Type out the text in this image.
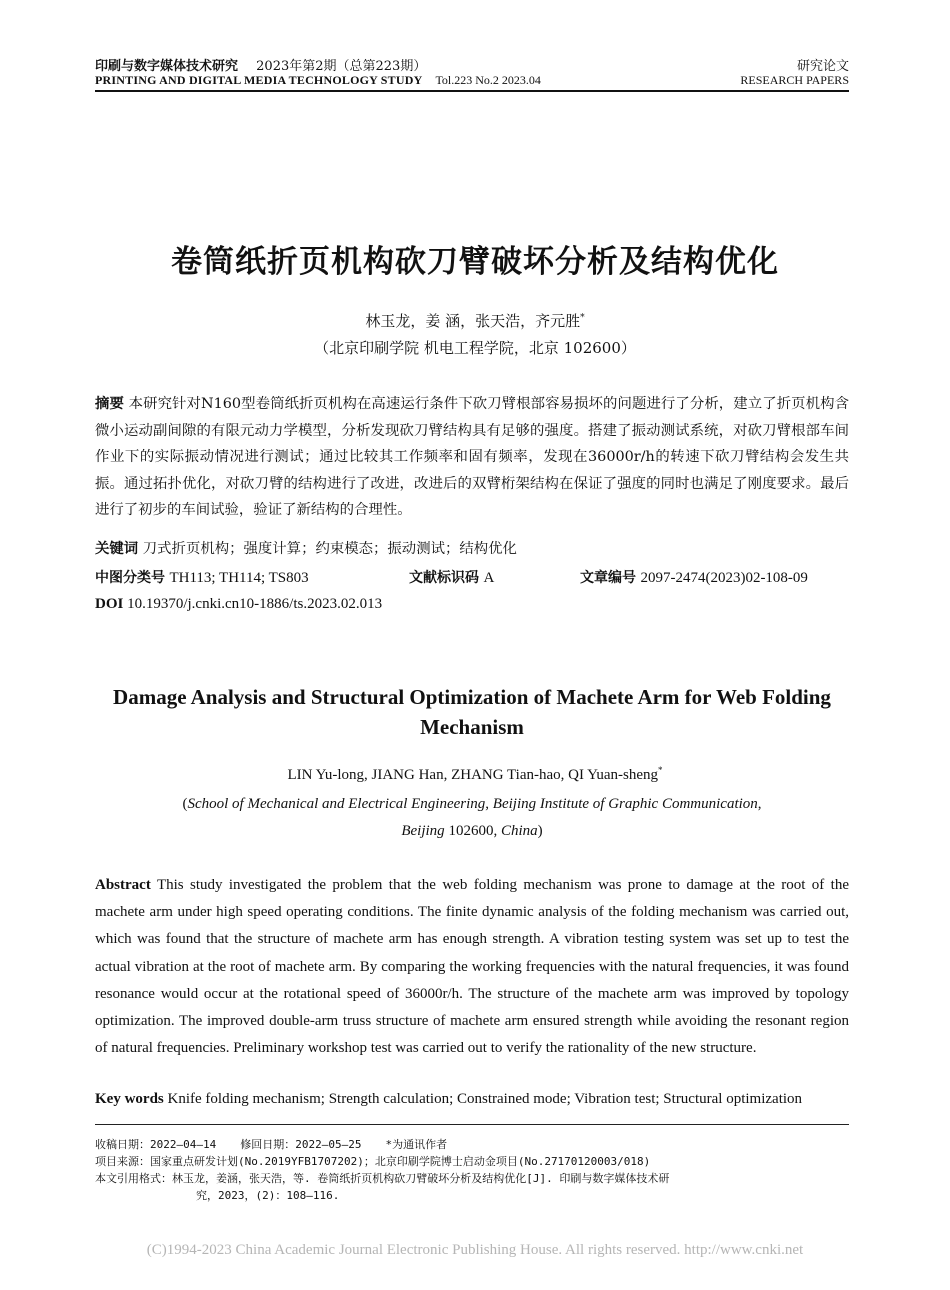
印刷与数字媒体技术研究 2023年第2期（总第223期）	研究论文
PRINTING AND DIGITAL MEDIA TECHNOLOGY STUDY Tol.223 No.2 2023.04	RESEARCH PAPERS
卷筒纸折页机构砍刀臂破坏分析及结构优化
林玉龙，姜 涵，张天浩，齐元胜*
（北京印刷学院 机电工程学院，北京 102600）
摘要 本研究针对N160型卷筒纸折页机构在高速运行条件下砍刀臂根部容易损坏的问题进行了分析，建立了折页机构含微小运动副间隙的有限元动力学模型，分析发现砍刀臂结构具有足够的强度。搭建了振动测试系统，对砍刀臂根部车间作业下的实际振动情况进行测试；通过比较其工作频率和固有频率，发现在36000r/h的转速下砍刀臂结构会发生共振。通过拓扑优化，对砍刀臂的结构进行了改进，改进后的双臂桁架结构在保证了强度的同时也满足了刚度要求。最后进行了初步的车间试验，验证了新结构的合理性。
关键词 刀式折页机构；强度计算；约束模态；振动测试；结构优化
中图分类号 TH113; TH114; TS803	文献标识码 A	文章编号 2097-2474(2023)02-108-09
DOI 10.19370/j.cnki.cn10-1886/ts.2023.02.013
Damage Analysis and Structural Optimization of Machete Arm for Web Folding Mechanism
LIN Yu-long, JIANG Han, ZHANG Tian-hao, QI Yuan-sheng*
(School of Mechanical and Electrical Engineering, Beijing Institute of Graphic Communication,
Beijing 102600, China)
Abstract This study investigated the problem that the web folding mechanism was prone to damage at the root of the machete arm under high speed operating conditions. The finite dynamic analysis of the folding mechanism was carried out, which was found that the structure of machete arm has enough strength. A vibration testing system was set up to test the actual vibration at the root of machete arm. By comparing the working frequencies with the natural frequencies, it was found resonance would occur at the rotational speed of 36000r/h. The structure of the machete arm was improved by topology optimization. The improved double-arm truss structure of machete arm ensured strength while avoiding the resonant region of natural frequencies. Preliminary workshop test was carried out to verify the rationality of the new structure.
Key words Knife folding mechanism; Strength calculation; Constrained mode; Vibration test; Structural optimization
收稿日期：2022—04—14 修回日期：2022—05—25 *为通讯作者
项目来源：国家重点研发计划(No.2019YFB1707202)；北京印刷学院博士启动金项目(No.27170120003/018)
本文引用格式：林玉龙，姜涵，张天浩，等. 卷筒纸折页机构砍刀臂破坏分析及结构优化[J]. 印刷与数字媒体技术研
究，2023，(2)：108–116.
(C)1994-2023 China Academic Journal Electronic Publishing House. All rights reserved. http://www.cnki.net
